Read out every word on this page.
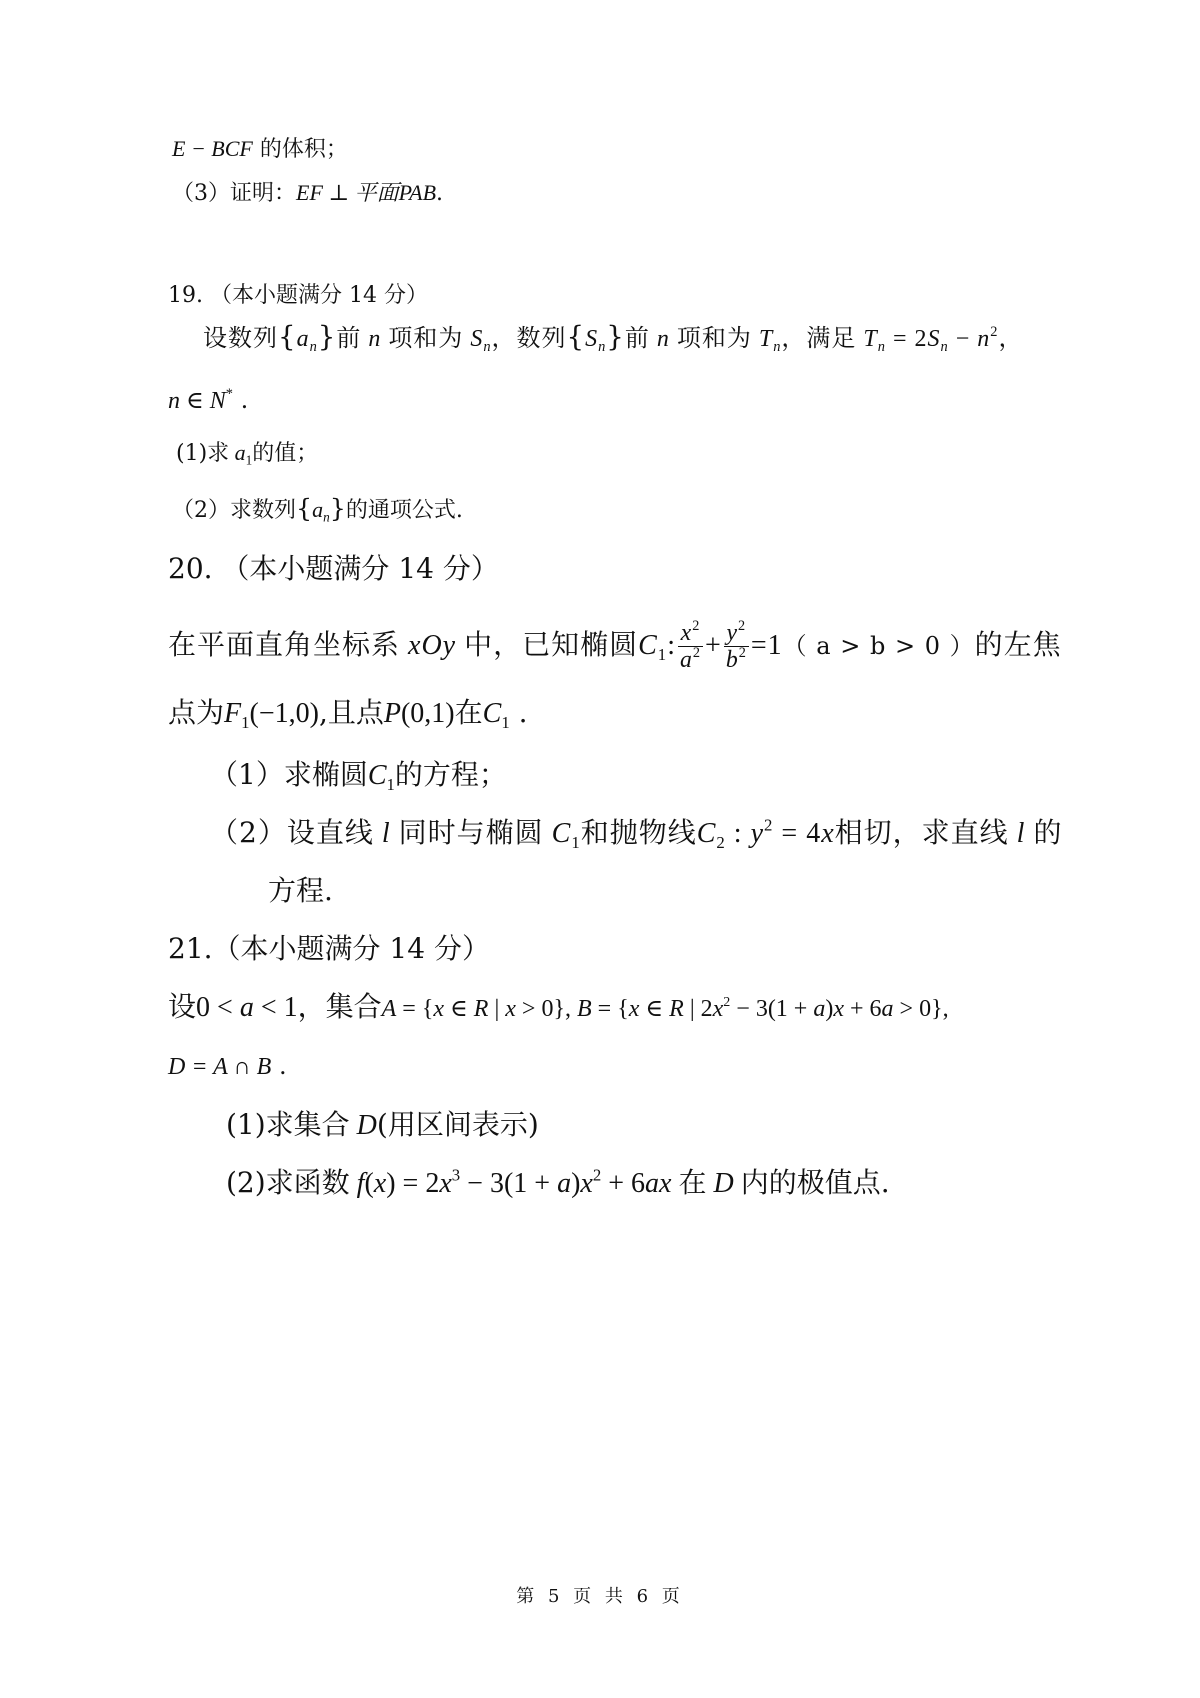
E − BCF 的体积；
（3）证明：EF ⊥ 平面PAB.
19. （本小题满分 14 分）
设数列$\{a_n\}$前 n 项和为 $S_n$，数列$\{S_n\}$前 n 项和为 $T_n$，满足 $T_n = 2S_n - n^2$，
n ∈ N* .
(1)求 $a_1$的值；
（2）求数列$\{a_n\}$的通项公式.
20. （本小题满分 14 分）
在平面直角坐标系 xOy 中，已知椭圆$C_1$: $\frac{x^2}{a^2} + \frac{y^2}{b^2} =1$（ a > b > 0 ）的左焦
点为$F_1(-1,0)$,且点P(0,1)在$C_1$ .
（1）求椭圆$C_1$的方程；
（2）设直线 l 同时与椭圆 $C_1$和抛物线$C_2$ : $y^2 = 4x$相切，求直线 l 的
方程.
21.（本小题满分 14 分）
设0 < a < 1，集合A = {x ∈ R | x > 0}, B = {x ∈ R | $2x^2 - 3(1 + a)x + 6a > 0$},
D = A ∩ B .
(1)求集合 D(用区间表示)
(2)求函数 $f(x) = 2x^3 - 3(1 + a)x^2 + 6ax$ 在 D 内的极值点.
第 5 页 共 6 页
